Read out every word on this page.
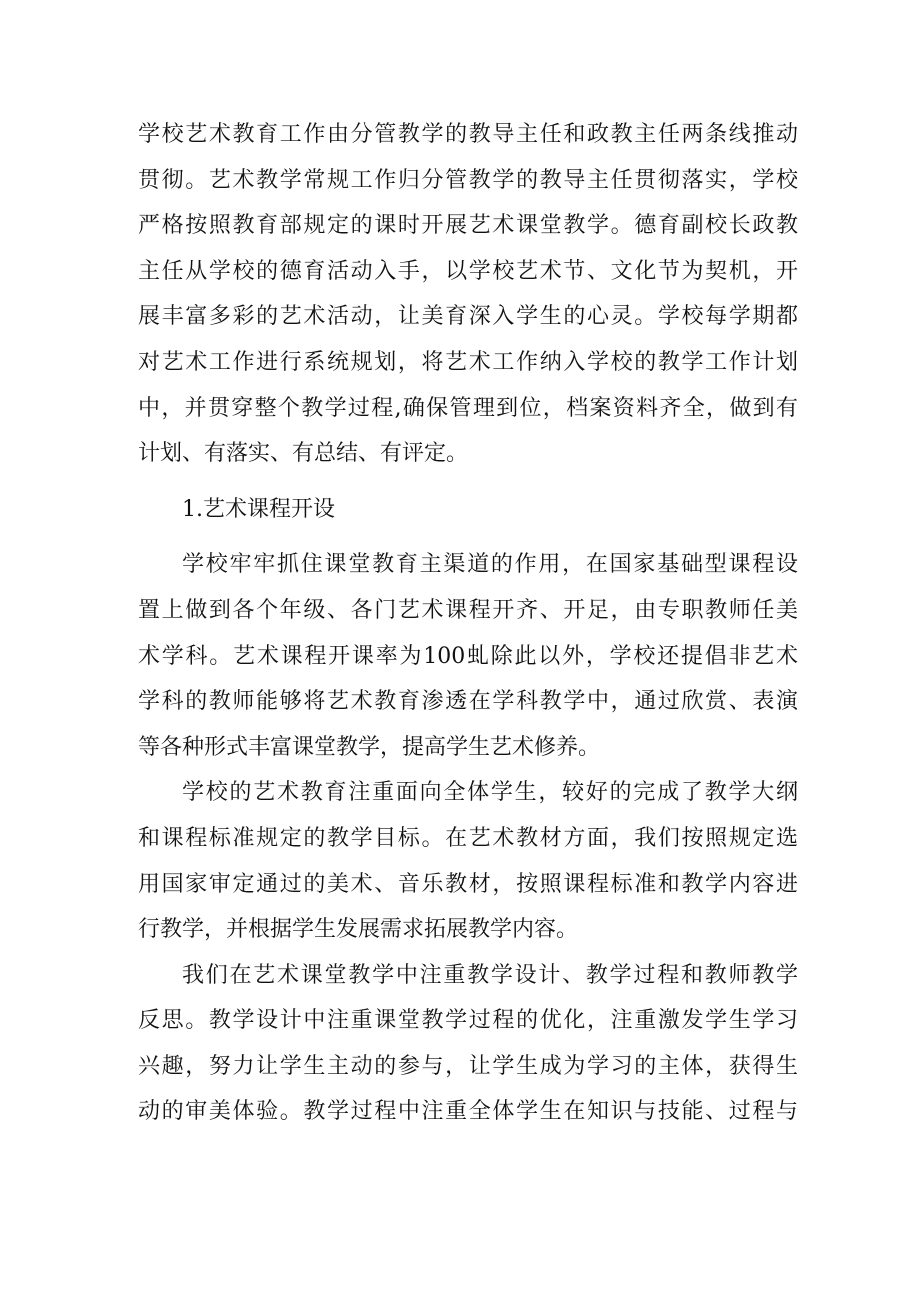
学校艺术教育工作由分管教学的教导主任和政教主任两条线推动
贯彻。艺术教学常规工作归分管教学的教导主任贯彻落实，学校
严格按照教育部规定的课时开展艺术课堂教学。德育副校长政教
主任从学校的德育活动入手，以学校艺术节、文化节为契机，开
展丰富多彩的艺术活动，让美育深入学生的心灵。学校每学期都
对艺术工作进行系统规划，将艺术工作纳入学校的教学工作计划
中，并贯穿整个教学过程,确保管理到位，档案资料齐全，做到有
计划、有落实、有总结、有评定。
1.艺术课程开设
学校牢牢抓住课堂教育主渠道的作用，在国家基础型课程设
置上做到各个年级、各门艺术课程开齐、开足，由专职教师任美
术学科。艺术课程开课率为100虬除此以外，学校还提倡非艺术
学科的教师能够将艺术教育渗透在学科教学中，通过欣赏、表演
等各种形式丰富课堂教学，提高学生艺术修养。
学校的艺术教育注重面向全体学生，较好的完成了教学大纲
和课程标准规定的教学目标。在艺术教材方面，我们按照规定选
用国家审定通过的美术、音乐教材，按照课程标准和教学内容进
行教学，并根据学生发展需求拓展教学内容。
我们在艺术课堂教学中注重教学设计、教学过程和教师教学
反思。教学设计中注重课堂教学过程的优化，注重激发学生学习
兴趣，努力让学生主动的参与，让学生成为学习的主体，获得生
动的审美体验。教学过程中注重全体学生在知识与技能、过程与
